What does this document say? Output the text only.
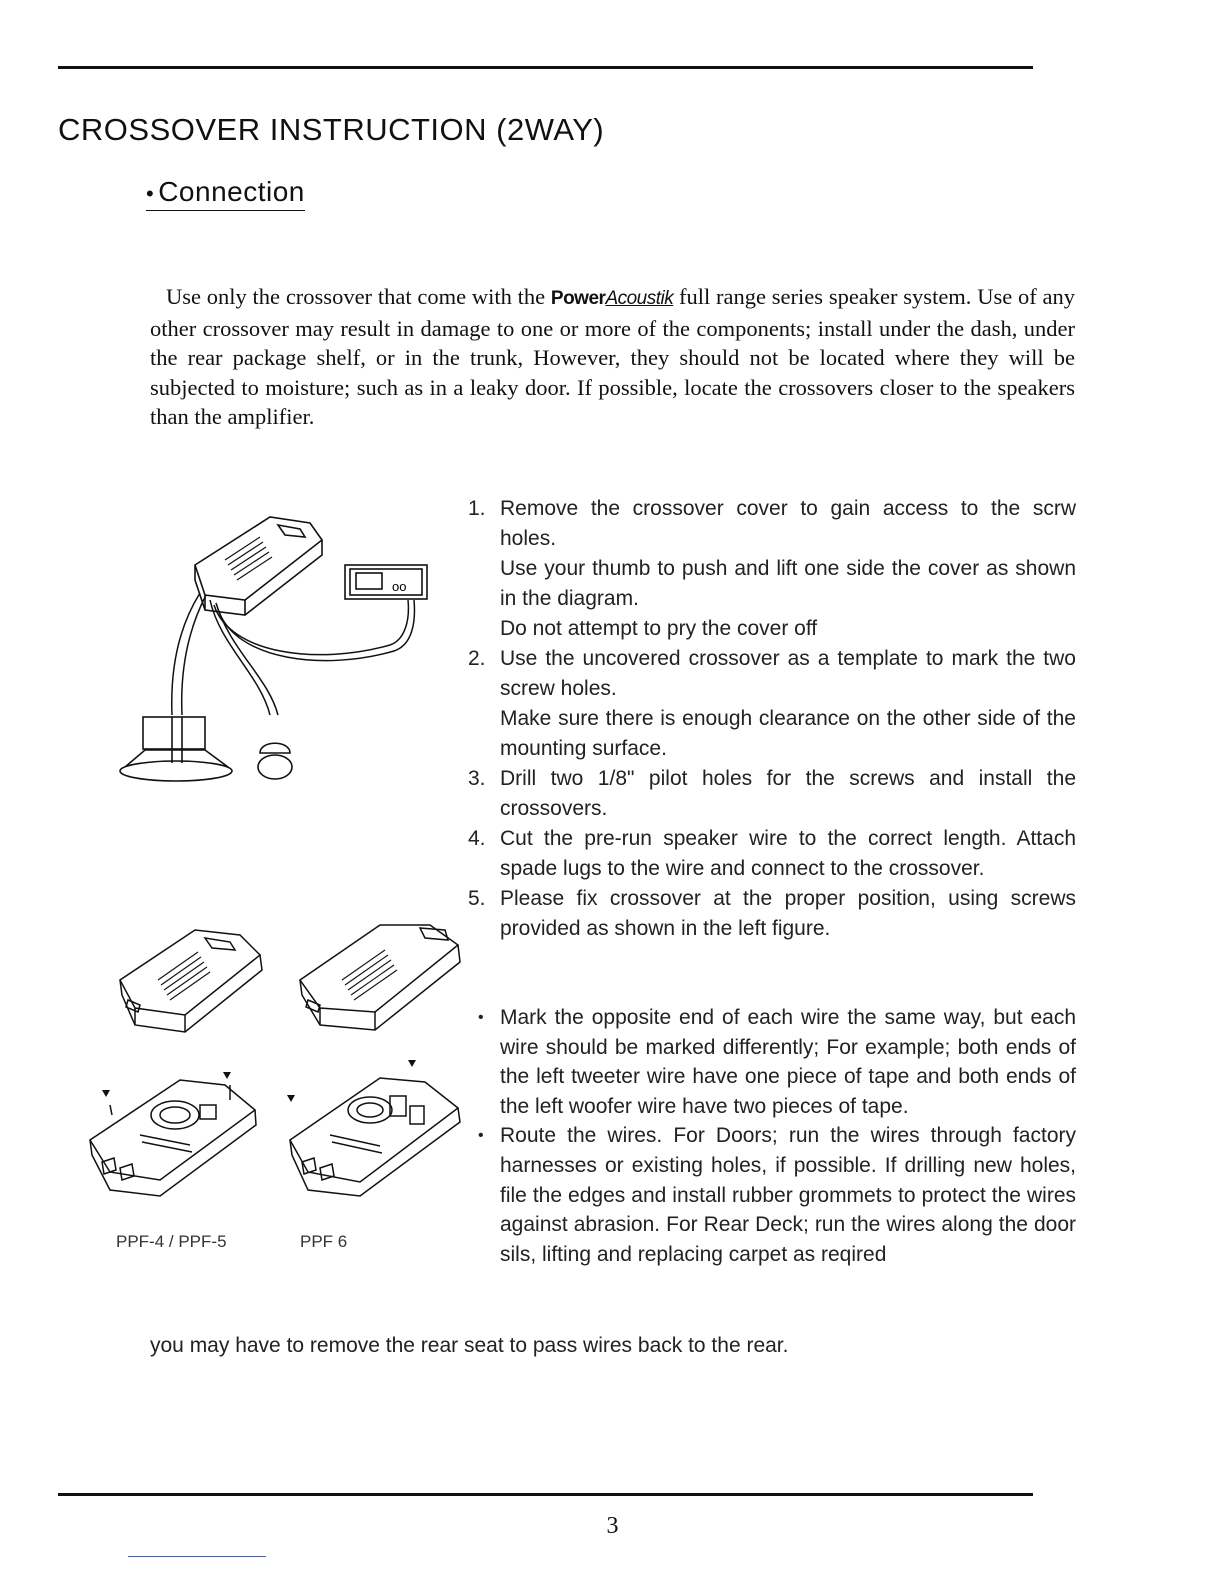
CROSSOVER INSTRUCTION (2WAY)
• Connection

Use only the crossover that come with the PowerAcoustik full range series speaker system. Use of any other crossover may result in damage to one or more of the components; install under the dash, under the rear package shelf, or in the trunk, However, they should not be located where they will be subjected to moisture; such as in a leaky door. If possible, locate the crossovers closer to the speakers than the amplifier.

oo

PPF-4 / PPF-5	PPF 6

1. Remove the crossover cover to gain access to the scrw holes.
Use your thumb to push and lift one side the cover as shown in the diagram.
Do not attempt to pry the cover off
2. Use the uncovered crossover as a template to mark the two screw holes.
Make sure there is enough clearance on the other side of the mounting surface.
3. Drill two 1/8" pilot holes for the screws and install the crossovers.
4. Cut the pre-run speaker wire to the correct length. Attach spade lugs to the wire and connect to the crossover.
5. Please fix crossover at the proper position, using screws provided as shown in the left figure.
• Mark the opposite end of each wire the same way, but each wire should be marked differently; For example; both ends of the left tweeter wire have one piece of tape and both ends of the left woofer wire have two pieces of tape.
• Route the wires. For Doors; run the wires through factory harnesses or existing holes, if possible. If drilling new holes, file the edges and install rubber grommets to protect the wires against abrasion. For Rear Deck; run the wires along the door sils, lifting and replacing carpet as reqired

you may have to remove the rear seat to pass wires back to the rear.

3
